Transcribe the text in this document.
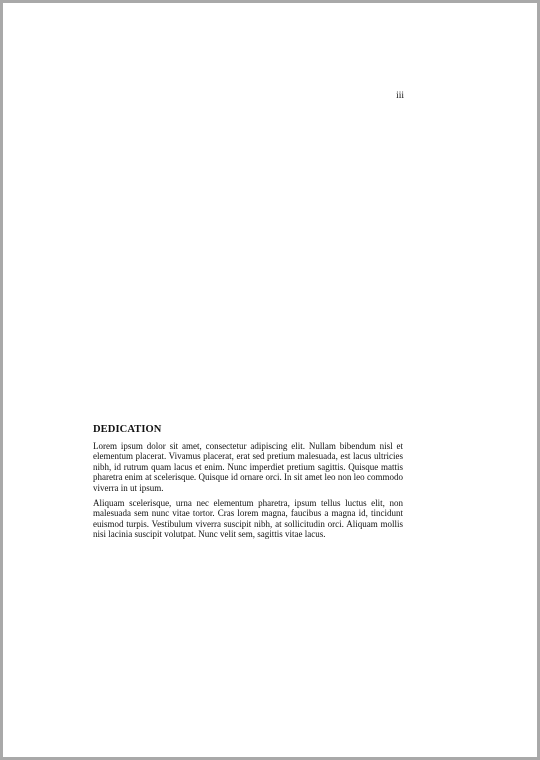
iii
DEDICATION

Lorem ipsum dolor sit amet, consectetur adipiscing elit. Nullam bibendum nisl et elementum placerat. Vivamus placerat, erat sed pretium malesuada, est lacus ultricies nibh, id rutrum quam lacus et enim. Nunc imperdiet pretium sagittis. Quisque mattis pharetra enim at scelerisque. Quisque id ornare orci. In sit amet leo non leo commodo viverra in ut ipsum.

Aliquam scelerisque, urna nec elementum pharetra, ipsum tellus luctus elit, non malesuada sem nunc vitae tortor. Cras lorem magna, faucibus a magna id, tincidunt euismod turpis. Vestibulum viverra suscipit nibh, at sollicitudin orci. Aliquam mollis nisi lacinia suscipit volutpat. Nunc velit sem, sagittis vitae lacus.
